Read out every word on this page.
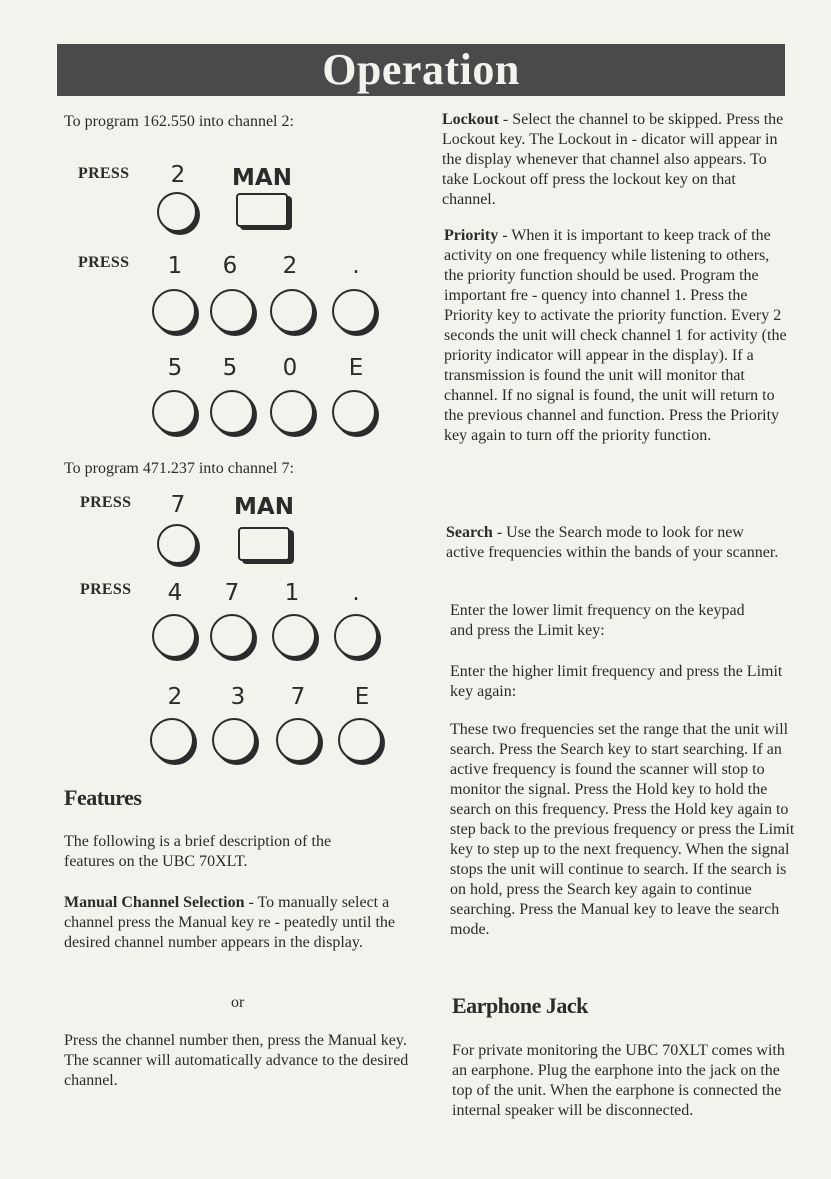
Operation

To program 162.550 into channel 2:

PRESS	2	MAN
PRESS	1	6	2	.
5	5	0	E

To program 471.237 into channel 7:

PRESS	7	MAN
PRESS	4	7	1	.
2	3	7	E
Features

The following is a brief description of the features on the UBC 70XLT.

Manual Channel Selection - To manually select a channel press the Manual key re - peatedly until the desired channel number appears in the display.

or

Press the channel number then, press the Manual key. The scanner will automatically advance to the desired channel.

Lockout - Select the channel to be skipped. Press the Lockout key. The Lockout in - dicator will appear in the display whenever that channel also appears. To take Lockout off press the lockout key on that channel.

Priority - When it is important to keep track of the activity on one frequency while listening to others, the priority function should be used. Program the important fre - quency into channel 1. Press the Priority key to activate the priority function. Every 2 seconds the unit will check channel 1 for activity (the priority indicator will appear in the display). If a transmission is found the unit will monitor that channel. If no signal is found, the unit will return to the previous channel and function. Press the Priority key again to turn off the priority function.

Search - Use the Search mode to look for new active frequencies within the bands of your scanner.

Enter the lower limit frequency on the keypad and press the Limit key:

Enter the higher limit frequency and press the Limit key again:

These two frequencies set the range that the unit will search. Press the Search key to start searching. If an active frequency is found the scanner will stop to monitor the signal. Press the Hold key to hold the search on this frequency. Press the Hold key again to step back to the previous frequency or press the Limit key to step up to the next frequency. When the signal stops the unit will continue to search. If the search is on hold, press the Search key again to continue searching. Press the Manual key to leave the search mode.

Earphone Jack

For private monitoring the UBC 70XLT comes with an earphone. Plug the earphone into the jack on the top of the unit. When the earphone is connected the internal speaker will be disconnected.
